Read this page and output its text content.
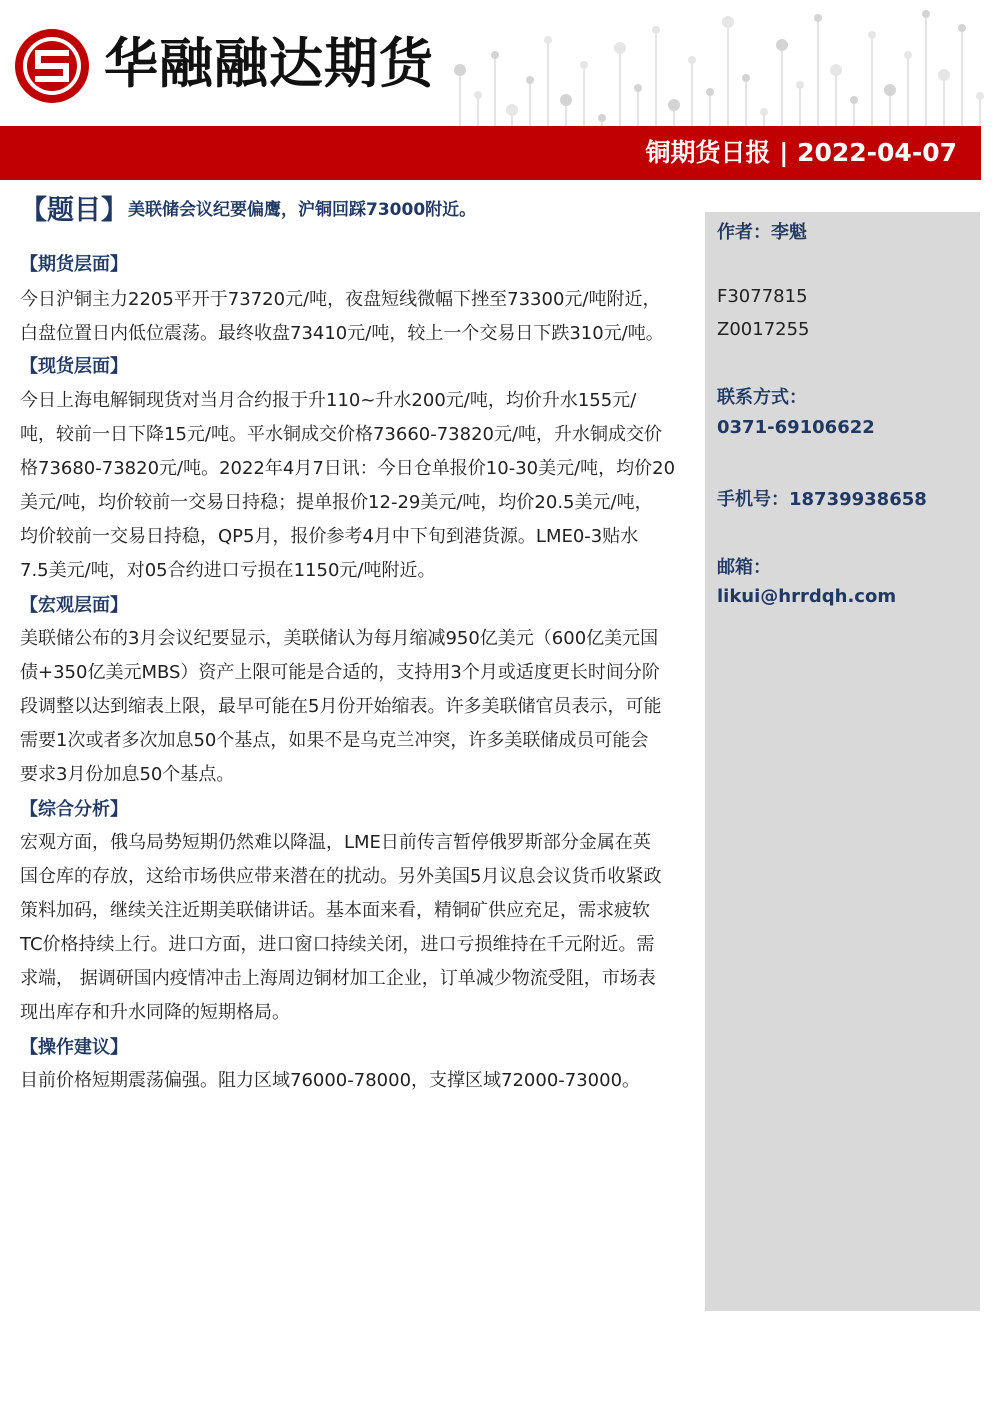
华融融达期货
铜期货日报 | 2022-04-07
作者：李魁
F3077815
Z0017255
联系方式：
0371-69106622
手机号：18739938658
邮箱：
likui@hrrdqh.com
【题目】美联储会议纪要偏鹰，沪铜回踩73000附近。
【期货层面】
今日沪铜主力2205平开于73720元/吨，夜盘短线微幅下挫至73300元/吨附近，
白盘位置日内低位震荡。最终收盘73410元/吨，较上一个交易日下跌310元/吨。
【现货层面】
今日上海电解铜现货对当月合约报于升110~升水200元/吨，均价升水155元/
吨，较前一日下降15元/吨。平水铜成交价格73660-73820元/吨，升水铜成交价
格73680-73820元/吨。2022年4月7日讯：今日仓单报价10-30美元/吨，均价20
美元/吨，均价较前一交易日持稳；提单报价12-29美元/吨，均价20.5美元/吨，
均价较前一交易日持稳，QP5月，报价参考4月中下旬到港货源。LME0-3贴水
7.5美元/吨，对05合约进口亏损在1150元/吨附近。
【宏观层面】
美联储公布的3月会议纪要显示，美联储认为每月缩减950亿美元（600亿美元国
债+350亿美元MBS）资产上限可能是合适的，支持用3个月或适度更长时间分阶
段调整以达到缩表上限，最早可能在5月份开始缩表。许多美联储官员表示，可能
需要1次或者多次加息50个基点，如果不是乌克兰冲突，许多美联储成员可能会
要求3月份加息50个基点。
【综合分析】
宏观方面，俄乌局势短期仍然难以降温，LME日前传言暂停俄罗斯部分金属在英
国仓库的存放，这给市场供应带来潜在的扰动。另外美国5月议息会议货币收紧政
策料加码，继续关注近期美联储讲话。基本面来看，精铜矿供应充足，需求疲软
TC价格持续上行。进口方面，进口窗口持续关闭，进口亏损维持在千元附近。需
求端， 据调研国内疫情冲击上海周边铜材加工企业，订单减少物流受阻，市场表
现出库存和升水同降的短期格局。
【操作建议】
目前价格短期震荡偏强。阻力区域76000-78000，支撑区域72000-73000。
